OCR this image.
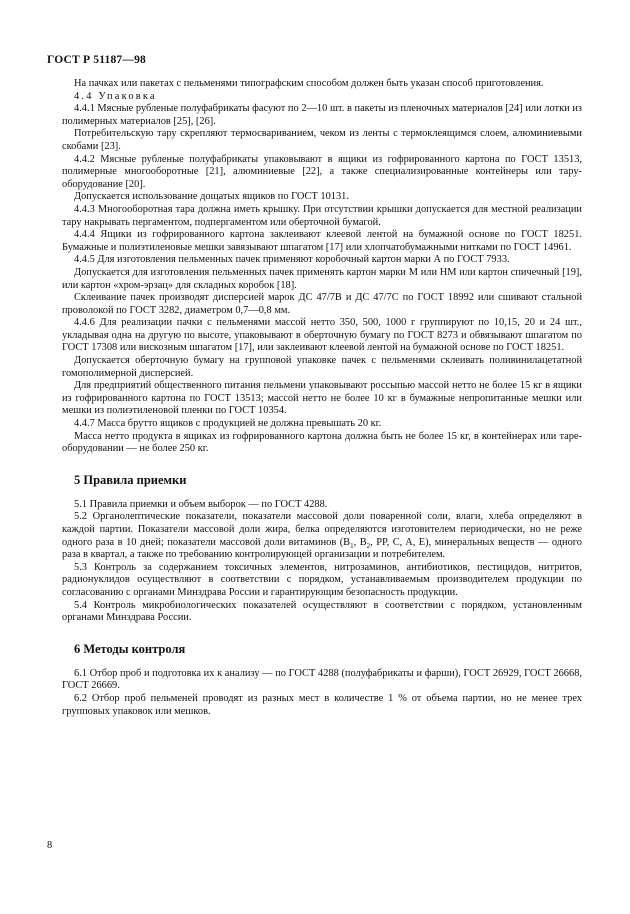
ГОСТ Р 51187—98

На пачках или пакетах с пельменями типографским способом должен быть указан способ приготовления.

4.4 Упаковка

4.4.1 Мясные рубленые полуфабрикаты фасуют по 2—10 шт. в пакеты из пленочных материалов [24] или лотки из полимерных материалов [25], [26].

Потребительскую тару скрепляют термосвариванием, чеком из ленты с термоклеящимся слоем, алюминиевыми скобами [23].

4.4.2 Мясные рубленые полуфабрикаты упаковывают в ящики из гофрированного картона по ГОСТ 13513, полимерные многооборотные [21], алюминиевые [22], а также специализированные контейнеры или тару-оборудование [20].

Допускается использование дощатых ящиков по ГОСТ 10131.

4.4.3 Многооборотная тара должна иметь крышку. При отсутствии крышки допускается для местной реализации тару накрывать пергаментом, подпергаментом или оберточной бумагой.

4.4.4 Ящики из гофрированного картона заклеивают клеевой лентой на бумажной основе по ГОСТ 18251. Бумажные и полиэтиленовые мешки завязывают шпагатом [17] или хлопчатобумажными нитками по ГОСТ 14961.

4.4.5 Для изготовления пельменных пачек применяют коробочный картон марки А по ГОСТ 7933.

Допускается для изготовления пельменных пачек применять картон марки М или НМ или картон спичечный [19], или картон «хром-эрзац» для складных коробок [18].

Склеивание пачек производят дисперсией марок ДС 47/7В и ДС 47/7С по ГОСТ 18992 или сшивают стальной проволокой по ГОСТ 3282, диаметром 0,7—0,8 мм.

4.4.6 Для реализации пачки с пельменями массой нетто 350, 500, 1000 г группируют по 10,15, 20 и 24 шт., укладывая одна на другую по высоте, упаковывают в оберточную бумагу по ГОСТ 8273 и обвязывают шпагатом по ГОСТ 17308 или вискозным шпагатом [17], или заклеивают клеевой лентой на бумажной основе по ГОСТ 18251.

Допускается оберточную бумагу на групповой упаковке пачек с пельменями склеивать поливинилацетатной гомополимерной дисперсией.

Для предприятий общественного питания пельмени упаковывают россыпью массой нетто не более 15 кг в ящики из гофрированного картона по ГОСТ 13513; массой нетто не более 10 кг в бумажные непропитанные мешки или мешки из полиэтиленовой пленки по ГОСТ 10354.

4.4.7 Масса брутто ящиков с продукцией не должна превышать 20 кг.

Масса нетто продукта в ящиках из гофрированного картона должна быть не более 15 кг, в контейнерах или таре-оборудовании — не более 250 кг.

5 Правила приемки

5.1 Правила приемки и объем выборок — по ГОСТ 4288.

5.2 Органолептические показатели, показатели массовой доли поваренной соли, влаги, хлеба определяют в каждой партии. Показатели массовой доли жира, белка определяются изготовителем периодически, но не реже одного раза в 10 дней; показатели массовой доли витаминов ($B_1$, $B_2$, PP, C, A, E), минеральных веществ — одного раза в квартал, а также по требованию контролирующей организации и потребителем.

5.3 Контроль за содержанием токсичных элементов, нитрозаминов, антибиотиков, пестицидов, нитритов, радионуклидов осуществляют в соответствии с порядком, устанавливаемым производителем продукции по согласованию с органами Минздрава России и гарантирующим безопасность продукции.

5.4 Контроль микробиологических показателей осуществляют в соответствии с порядком, установленным органами Минздрава России.

6 Методы контроля

6.1 Отбор проб и подготовка их к анализу — по ГОСТ 4288 (полуфабрикаты и фарши), ГОСТ 26929, ГОСТ 26668, ГОСТ 26669.

6.2 Отбор проб пельменей проводят из разных мест в количестве 1 % от объема партии, но не менее трех групповых упаковок или мешков.

8
